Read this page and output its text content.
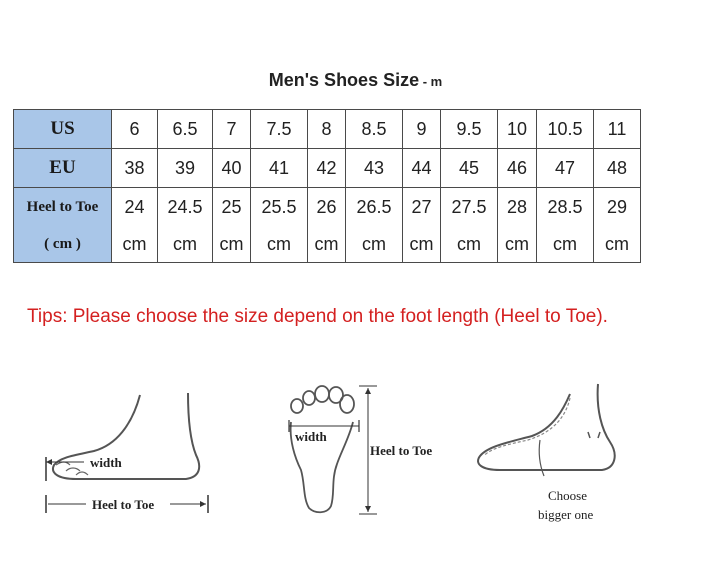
Men's Shoes Size - m
US	6	6.5	7	7.5	8	8.5	9	9.5	10	10.5	11
EU	38	39	40	41	42	43	44	45	46	47	48
Heel to Toe	24	24.5	25	25.5	26	26.5	27	27.5	28	28.5	29
( cm )	cm	cm	cm	cm	cm	cm	cm	cm	cm	cm	cm
Tips: Please choose the size depend on the foot length (Heel to Toe).
width
Heel to Toe
width
Heel to Toe
Choose
bigger one
